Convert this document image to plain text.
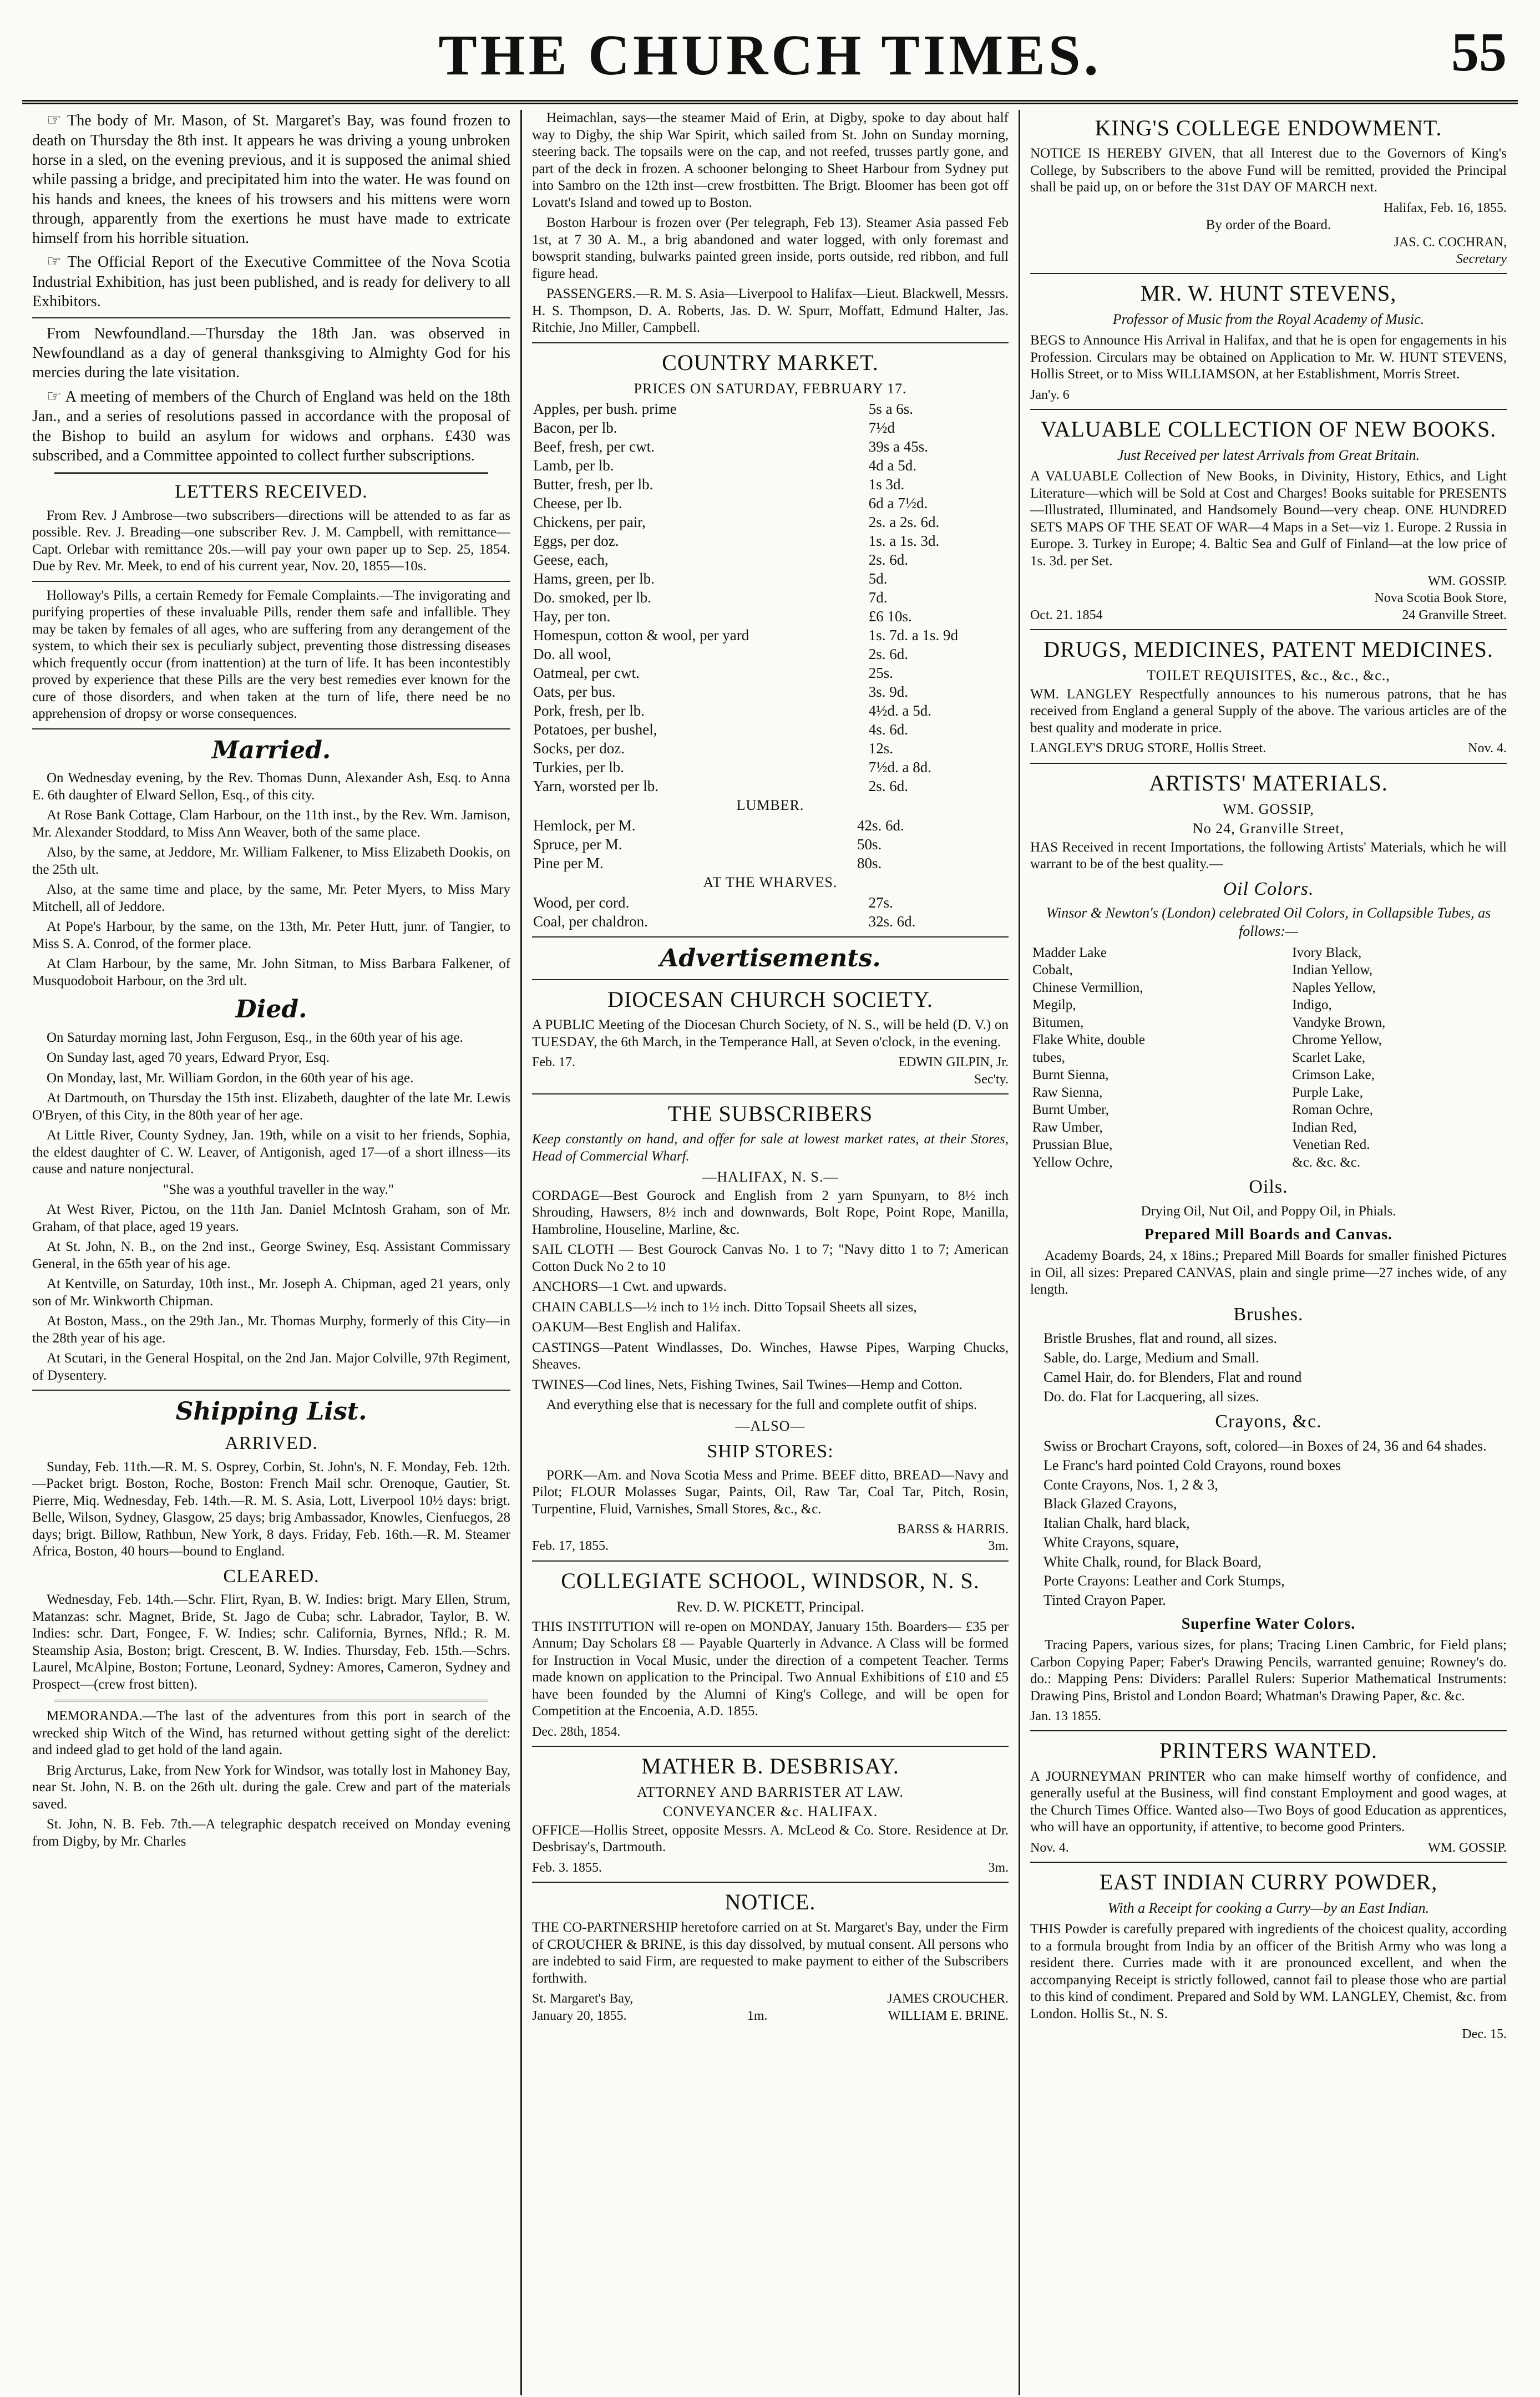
THE CHURCH TIMES.	55

☞ The body of Mr. Mason, of St. Margaret's Bay, was found frozen to death on Thursday the 8th inst. It appears he was driving a young unbroken horse in a sled, on the evening previous, and it is supposed the animal shied while passing a bridge, and precipitated him into the water. He was found on his hands and knees, the knees of his trowsers and his mittens were worn through, apparently from the exertions he must have made to extricate himself from his horrible situation.

☞ The Official Report of the Executive Committee of the Nova Scotia Industrial Exhibition, has just been published, and is ready for delivery to all Exhibitors.

From Newfoundland.—Thursday the 18th Jan. was observed in Newfoundland as a day of general thanksgiving to Almighty God for his mercies during the late visitation.

☞ A meeting of members of the Church of England was held on the 18th Jan., and a series of resolutions passed in accordance with the proposal of the Bishop to build an asylum for widows and orphans. £430 was subscribed, and a Committee appointed to collect further subscriptions.

LETTERS RECEIVED.

From Rev. J Ambrose—two subscribers—directions will be attended to as far as possible. Rev. J. Breading—one subscriber Rev. J. M. Campbell, with remittance—Capt. Orlebar with remittance 20s.—will pay your own paper up to Sep. 25, 1854. Due by Rev. Mr. Meek, to end of his current year, Nov. 20, 1855—10s.

Holloway's Pills, a certain Remedy for Female Complaints.—The invigorating and purifying properties of these invaluable Pills, render them safe and infallible. They may be taken by females of all ages, who are suffering from any derangement of the system, to which their sex is peculiarly subject, preventing those distressing diseases which frequently occur (from inattention) at the turn of life. It has been incontestibly proved by experience that these Pills are the very best remedies ever known for the cure of those disorders, and when taken at the turn of life, there need be no apprehension of dropsy or worse consequences.

Married.

On Wednesday evening, by the Rev. Thomas Dunn, Alexander Ash, Esq. to Anna E. 6th daughter of Elward Sellon, Esq., of this city.

At Rose Bank Cottage, Clam Harbour, on the 11th inst., by the Rev. Wm. Jamison, Mr. Alexander Stoddard, to Miss Ann Weaver, both of the same place.

Also, by the same, at Jeddore, Mr. William Falkener, to Miss Elizabeth Dookis, on the 25th ult.

Also, at the same time and place, by the same, Mr. Peter Myers, to Miss Mary Mitchell, all of Jeddore.

At Pope's Harbour, by the same, on the 13th, Mr. Peter Hutt, junr. of Tangier, to Miss S. A. Conrod, of the former place.

At Clam Harbour, by the same, Mr. John Sitman, to Miss Barbara Falkener, of Musquodoboit Harbour, on the 3rd ult.

Died.

On Saturday morning last, John Ferguson, Esq., in the 60th year of his age.

On Sunday last, aged 70 years, Edward Pryor, Esq.

On Monday, last, Mr. William Gordon, in the 60th year of his age.

At Dartmouth, on Thursday the 15th inst. Elizabeth, daughter of the late Mr. Lewis O'Bryen, of this City, in the 80th year of her age.

At Little River, County Sydney, Jan. 19th, while on a visit to her friends, Sophia, the eldest daughter of C. W. Leaver, of Antigonish, aged 17—of a short illness—its cause and nature nonjectural.

"She was a youthful traveller in the way."

At West River, Pictou, on the 11th Jan. Daniel McIntosh Graham, son of Mr. Graham, of that place, aged 19 years.

At St. John, N. B., on the 2nd inst., George Swiney, Esq. Assistant Commissary General, in the 65th year of his age.

At Kentville, on Saturday, 10th inst., Mr. Joseph A. Chipman, aged 21 years, only son of Mr. Winkworth Chipman.

At Boston, Mass., on the 29th Jan., Mr. Thomas Murphy, formerly of this City—in the 28th year of his age.

At Scutari, in the General Hospital, on the 2nd Jan. Major Colville, 97th Regiment, of Dysentery.

Shipping List.
ARRIVED.

Sunday, Feb. 11th.—R. M. S. Osprey, Corbin, St. John's, N. F. Monday, Feb. 12th.—Packet brigt. Boston, Roche, Boston: French Mail schr. Orenoque, Gautier, St. Pierre, Miq. Wednesday, Feb. 14th.—R. M. S. Asia, Lott, Liverpool 10½ days: brigt. Belle, Wilson, Sydney, Glasgow, 25 days; brig Ambassador, Knowles, Cienfuegos, 28 days; brigt. Billow, Rathbun, New York, 8 days. Friday, Feb. 16th.—R. M. Steamer Africa, Boston, 40 hours—bound to England.

CLEARED.

Wednesday, Feb. 14th.—Schr. Flirt, Ryan, B. W. Indies: brigt. Mary Ellen, Strum, Matanzas: schr. Magnet, Bride, St. Jago de Cuba; schr. Labrador, Taylor, B. W. Indies: schr. Dart, Fongee, F. W. Indies; schr. California, Byrnes, Nfld.; R. M. Steamship Asia, Boston; brigt. Crescent, B. W. Indies. Thursday, Feb. 15th.—Schrs. Laurel, McAlpine, Boston; Fortune, Leonard, Sydney: Amores, Cameron, Sydney and Prospect—(crew frost bitten).

MEMORANDA.—The last of the adventures from this port in search of the wrecked ship Witch of the Wind, has returned without getting sight of the derelict: and indeed glad to get hold of the land again.

Brig Arcturus, Lake, from New York for Windsor, was totally lost in Mahoney Bay, near St. John, N. B. on the 26th ult. during the gale. Crew and part of the materials saved.

St. John, N. B. Feb. 7th.—A telegraphic despatch received on Monday evening from Digby, by Mr. Charles

Heimachlan, says—the steamer Maid of Erin, at Digby, spoke to day about half way to Digby, the ship War Spirit, which sailed from St. John on Sunday morning, steering back. The topsails were on the cap, and not reefed, trusses partly gone, and part of the deck in frozen. A schooner belonging to Sheet Harbour from Sydney put into Sambro on the 12th inst—crew frostbitten. The Brigt. Bloomer has been got off Lovatt's Island and towed up to Boston.

Boston Harbour is frozen over (Per telegraph, Feb 13). Steamer Asia passed Feb 1st, at 7 30 A. M., a brig abandoned and water logged, with only foremast and bowsprit standing, bulwarks painted green inside, ports outside, red ribbon, and full figure head.

PASSENGERS.—R. M. S. Asia—Liverpool to Halifax—Lieut. Blackwell, Messrs. H. S. Thompson, D. A. Roberts, Jas. D. W. Spurr, Moffatt, Edmund Halter, Jas. Ritchie, Jno Miller, Campbell.

COUNTRY MARKET.
PRICES ON SATURDAY, FEBRUARY 17.
Apples, per bush. prime	5s a 6s.
Bacon, per lb.	7½d
Beef, fresh, per cwt.	39s a 45s.
Lamb, per lb.	4d a 5d.
Butter, fresh, per lb.	1s 3d.
Cheese, per lb.	6d a 7½d.
Chickens, per pair,	2s. a 2s. 6d.
Eggs, per doz.	1s. a 1s. 3d.
Geese, each,	2s. 6d.
Hams, green, per lb.	5d.
Do. smoked, per lb.	7d.
Hay, per ton.	£6 10s.
Homespun, cotton & wool, per yard	1s. 7d. a 1s. 9d
Do. all wool,	2s. 6d.
Oatmeal, per cwt.	25s.
Oats, per bus.	3s. 9d.
Pork, fresh, per lb.	4½d. a 5d.
Potatoes, per bushel,	4s. 6d.
Socks, per doz.	12s.
Turkies, per lb.	7½d. a 8d.
Yarn, worsted per lb.	2s. 6d.
LUMBER.
Hemlock, per M.	42s. 6d.
Spruce, per M.	50s.
Pine per M.	80s.
AT THE WHARVES.
Wood, per cord.	27s.
Coal, per chaldron.	32s. 6d.
Advertisements.
DIOCESAN CHURCH SOCIETY.

A PUBLIC Meeting of the Diocesan Church Society, of N. S., will be held (D. V.) on TUESDAY, the 6th March, in the Temperance Hall, at Seven o'clock, in the evening.

Feb. 17.	EDWIN GILPIN, Jr.
Sec'ty.
THE SUBSCRIBERS

Keep constantly on hand, and offer for sale at lowest market rates, at their Stores, Head of Commercial Wharf.

—HALIFAX, N. S.—

CORDAGE—Best Gourock and English from 2 yarn Spunyarn, to 8½ inch Shrouding, Hawsers, 8½ inch and downwards, Bolt Rope, Point Rope, Manilla, Hambroline, Houseline, Marline, &c.

SAIL CLOTH — Best Gourock Canvas No. 1 to 7; "Navy ditto 1 to 7; American Cotton Duck No 2 to 10

ANCHORS—1 Cwt. and upwards.

CHAIN CABLLS—½ inch to 1½ inch. Ditto Topsail Sheets all sizes,

OAKUM—Best English and Halifax.

CASTINGS—Patent Windlasses, Do. Winches, Hawse Pipes, Warping Chucks, Sheaves.

TWINES—Cod lines, Nets, Fishing Twines, Sail Twines—Hemp and Cotton.

And everything else that is necessary for the full and complete outfit of ships.

—ALSO—
SHIP STORES:

PORK—Am. and Nova Scotia Mess and Prime. BEEF ditto, BREAD—Navy and Pilot; FLOUR Molasses Sugar, Paints, Oil, Raw Tar, Coal Tar, Pitch, Rosin, Turpentine, Fluid, Varnishes, Small Stores, &c., &c.

BARSS & HARRIS.
Feb. 17, 1855.	3m.
COLLEGIATE SCHOOL, WINDSOR, N. S.
Rev. D. W. PICKETT, Principal.

THIS INSTITUTION will re-open on MONDAY, January 15th. Boarders— £35 per Annum; Day Scholars £8 — Payable Quarterly in Advance. A Class will be formed for Instruction in Vocal Music, under the direction of a competent Teacher. Terms made known on application to the Principal. Two Annual Exhibitions of £10 and £5 have been founded by the Alumni of King's College, and will be open for Competition at the Encoenia, A.D. 1855.

Dec. 28th, 1854.
MATHER B. DESBRISAY.
ATTORNEY AND BARRISTER AT LAW.
CONVEYANCER &c. HALIFAX.

OFFICE—Hollis Street, opposite Messrs. A. McLeod & Co. Store. Residence at Dr. Desbrisay's, Dartmouth.

Feb. 3. 1855.	3m.
NOTICE.

THE CO-PARTNERSHIP heretofore carried on at St. Margaret's Bay, under the Firm of CROUCHER & BRINE, is this day dissolved, by mutual consent. All persons who are indebted to said Firm, are requested to make payment to either of the Subscribers forthwith.

St. Margaret's Bay,	JAMES CROUCHER.
January 20, 1855.	1m.	WILLIAM E. BRINE.
KING'S COLLEGE ENDOWMENT.

NOTICE IS HEREBY GIVEN, that all Interest due to the Governors of King's College, by Subscribers to the above Fund will be remitted, provided the Principal shall be paid up, on or before the 31st DAY OF MARCH next.

Halifax, Feb. 16, 1855.
By order of the Board.
JAS. C. COCHRAN,
Secretary
MR. W. HUNT STEVENS,
Professor of Music from the Royal Academy of Music.

BEGS to Announce His Arrival in Halifax, and that he is open for engagements in his Profession. Circulars may be obtained on Application to Mr. W. HUNT STEVENS, Hollis Street, or to Miss WILLIAMSON, at her Establishment, Morris Street.

Jan'y. 6
VALUABLE COLLECTION OF NEW BOOKS.
Just Received per latest Arrivals from Great Britain.

A VALUABLE Collection of New Books, in Divinity, History, Ethics, and Light Literature—which will be Sold at Cost and Charges! Books suitable for PRESENTS—Illustrated, Illuminated, and Handsomely Bound—very cheap. ONE HUNDRED SETS MAPS OF THE SEAT OF WAR—4 Maps in a Set—viz 1. Europe. 2 Russia in Europe. 3. Turkey in Europe; 4. Baltic Sea and Gulf of Finland—at the low price of 1s. 3d. per Set.

WM. GOSSIP.
Nova Scotia Book Store,
Oct. 21. 1854	24 Granville Street.
DRUGS, MEDICINES, PATENT MEDICINES.
TOILET REQUISITES, &c., &c., &c.,

WM. LANGLEY Respectfully announces to his numerous patrons, that he has received from England a general Supply of the above. The various articles are of the best quality and moderate in price.

LANGLEY'S DRUG STORE, Hollis Street.	Nov. 4.
ARTISTS' MATERIALS.
WM. GOSSIP,
No 24, Granville Street,

HAS Received in recent Importations, the following Artists' Materials, which he will warrant to be of the best quality.—

Oil Colors.
Winsor & Newton's (London) celebrated Oil Colors, in Collapsible Tubes, as follows:—
Madder Lake	Ivory Black,
Cobalt,	Indian Yellow,
Chinese Vermillion,	Naples Yellow,
Megilp,	Indigo,
Bitumen,	Vandyke Brown,
Flake White, double	Chrome Yellow,
tubes,	Scarlet Lake,
Burnt Sienna,	Crimson Lake,
Raw Sienna,	Purple Lake,
Burnt Umber,	Roman Ochre,
Raw Umber,	Indian Red,
Prussian Blue,	Venetian Red.
Yellow Ochre,	&c. &c. &c.
Oils.
Drying Oil, Nut Oil, and Poppy Oil, in Phials.
Prepared Mill Boards and Canvas.

Academy Boards, 24, x 18ins.; Prepared Mill Boards for smaller finished Pictures in Oil, all sizes: Prepared CANVAS, plain and single prime—27 inches wide, of any length.

Brushes.
Bristle Brushes, flat and round, all sizes.
Sable, do. Large, Medium and Small.
Camel Hair, do. for Blenders, Flat and round
Do. do. Flat for Lacquering, all sizes.
Crayons, &c.
Swiss or Brochart Crayons, soft, colored—in Boxes of 24, 36 and 64 shades.
Le Franc's hard pointed Cold Crayons, round boxes
Conte Crayons, Nos. 1, 2 & 3,
Black Glazed Crayons,
Italian Chalk, hard black,
White Crayons, square,
White Chalk, round, for Black Board,
Porte Crayons: Leather and Cork Stumps,
Tinted Crayon Paper.
Superfine Water Colors.

Tracing Papers, various sizes, for plans; Tracing Linen Cambric, for Field plans; Carbon Copying Paper; Faber's Drawing Pencils, warranted genuine; Rowney's do. do.: Mapping Pens: Dividers: Parallel Rulers: Superior Mathematical Instruments: Drawing Pins, Bristol and London Board; Whatman's Drawing Paper, &c. &c.

Jan. 13 1855.
PRINTERS WANTED.

A JOURNEYMAN PRINTER who can make himself worthy of confidence, and generally useful at the Business, will find constant Employment and good wages, at the Church Times Office. Wanted also—Two Boys of good Education as apprentices, who will have an opportunity, if attentive, to become good Printers.

Nov. 4.	WM. GOSSIP.
EAST INDIAN CURRY POWDER,
With a Receipt for cooking a Curry—by an East Indian.

THIS Powder is carefully prepared with ingredients of the choicest quality, according to a formula brought from India by an officer of the British Army who was long a resident there. Curries made with it are pronounced excellent, and when the accompanying Receipt is strictly followed, cannot fail to please those who are partial to this kind of condiment. Prepared and Sold by WM. LANGLEY, Chemist, &c. from London. Hollis St., N. S.

Dec. 15.
